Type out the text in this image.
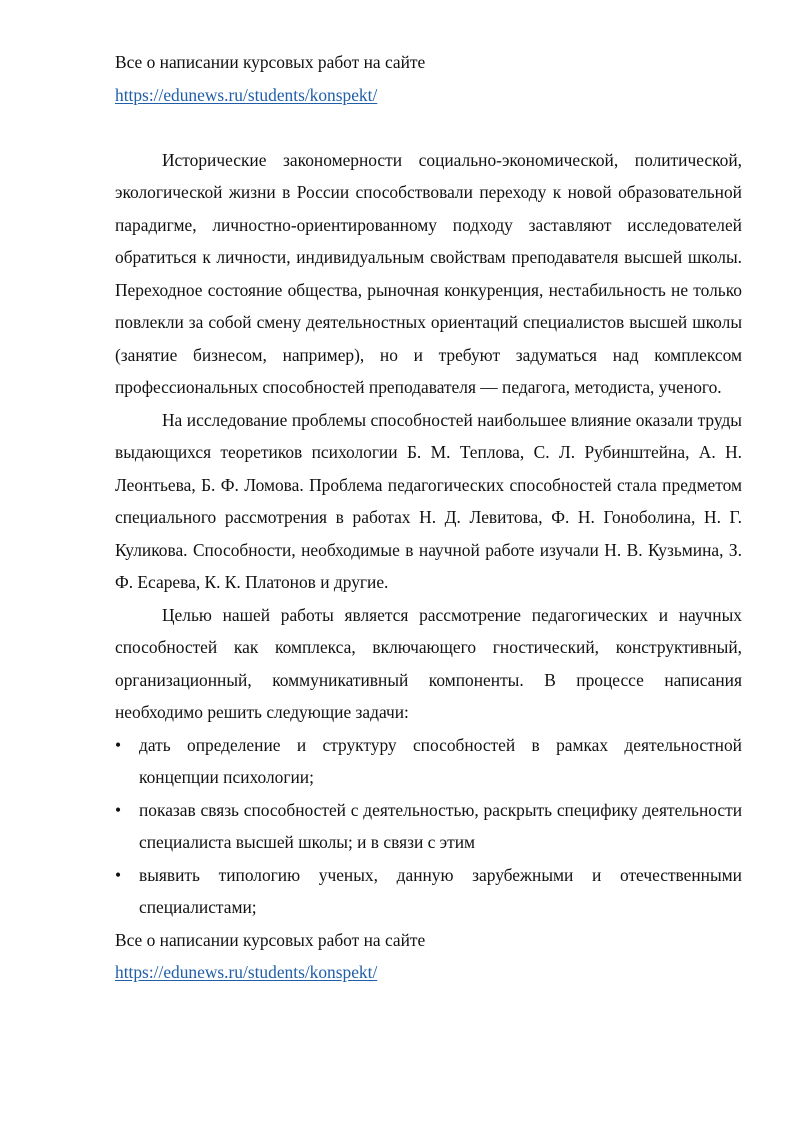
Все о написании курсовых работ на сайте

https://edunews.ru/students/konspekt/

Исторические закономерности социально-экономической, политической, экологической жизни в России способствовали переходу к новой образовательной парадигме, личностно-ориентированному подходу заставляют исследователей обратиться к личности, индивидуальным свойствам преподавателя высшей школы. Переходное состояние общества, рыночная конкуренция, нестабильность не только повлекли за собой смену деятельностных ориентаций специалистов высшей школы (занятие бизнесом, например), но и требуют задуматься над комплексом профессиональных способностей преподавателя — педагога, методиста, ученого.

На исследование проблемы способностей наибольшее влияние оказали труды выдающихся теоретиков психологии Б. М. Теплова, С. Л. Рубинштейна, А. Н. Леонтьева, Б. Ф. Ломова. Проблема педагогических способностей стала предметом специального рассмотрения в работах Н. Д. Левитова, Ф. Н. Гоноболина, Н. Г. Куликова. Способности, необходимые в научной работе изучали Н. В. Кузьмина, З. Ф. Есарева, К. К. Платонов и другие.

Целью нашей работы является рассмотрение педагогических и научных способностей как комплекса, включающего гностический, конструктивный, организационный, коммуникативный компоненты. В процессе написания необходимо решить следующие задачи:

•	дать определение и структуру способностей в рамках деятельностной концепции психологии;
•	показав связь способностей с деятельностью, раскрыть специфику деятельности специалиста высшей школы; и в связи с этим
•	выявить типологию ученых, данную зарубежными и отечественными специалистами;

Все о написании курсовых работ на сайте

https://edunews.ru/students/konspekt/
